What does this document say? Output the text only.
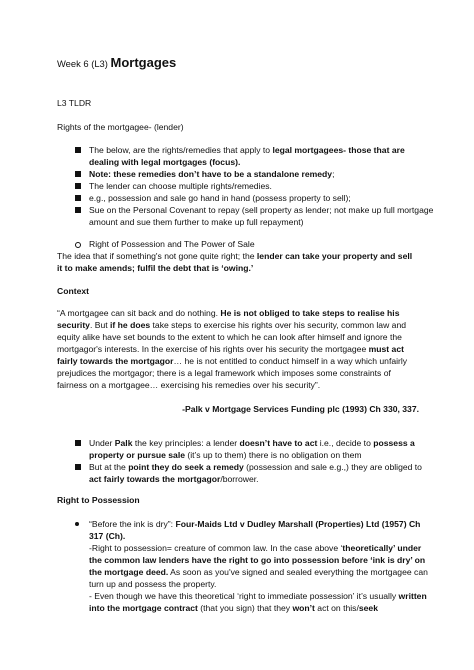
Week 6 (L3) Mortgages
L3 TLDR
Rights of the mortgagee- (lender)
The below, are the rights/remedies that apply to legal mortgagees- those that are dealing with legal mortgages (focus).
Note: these remedies don’t have to be a standalone remedy;
The lender can choose multiple rights/remedies.
e.g., possession and sale go hand in hand (possess property to sell);
Sue on the Personal Covenant to repay (sell property as lender; not make up full mortgage amount and sue them further to make up full repayment)
Right of Possession and The Power of Sale
The idea that if something's not gone quite right; the lender can take your property and sell it to make amends; fulfil the debt that is ‘owing.’
Context
“A mortgagee can sit back and do nothing. He is not obliged to take steps to realise his security. But if he does take steps to exercise his rights over his security, common law and equity alike have set bounds to the extent to which he can look after himself and ignore the mortgagor's interests. In the exercise of his rights over his security the mortgagee must act fairly towards the mortgagor… he is not entitled to conduct himself in a way which unfairly prejudices the mortgagor; there is a legal framework which imposes some constraints of fairness on a mortgagee… exercising his remedies over his security”.
-Palk v Mortgage Services Funding plc (1993) Ch 330, 337.
Under Palk the key principles: a lender doesn’t have to act i.e., decide to possess a property or pursue sale (it’s up to them) there is no obligation on them
But at the point they do seek a remedy (possession and sale e.g.,) they are obliged to act fairly towards the mortgagor/borrower.
Right to Possession
“Before the ink is dry”: Four-Maids Ltd v Dudley Marshall (Properties) Ltd (1957) Ch 317 (Ch).
-Right to possession= creature of common law. In the case above ‘theoretically’ under the common law lenders have the right to go into possession before ‘ink is dry’ on the mortgage deed. As soon as you've signed and sealed everything the mortgagee can turn up and possess the property.
- Even though we have this theoretical ‘right to immediate possession’ it’s usually written into the mortgage contract (that you sign) that they won’t act on this/seek
